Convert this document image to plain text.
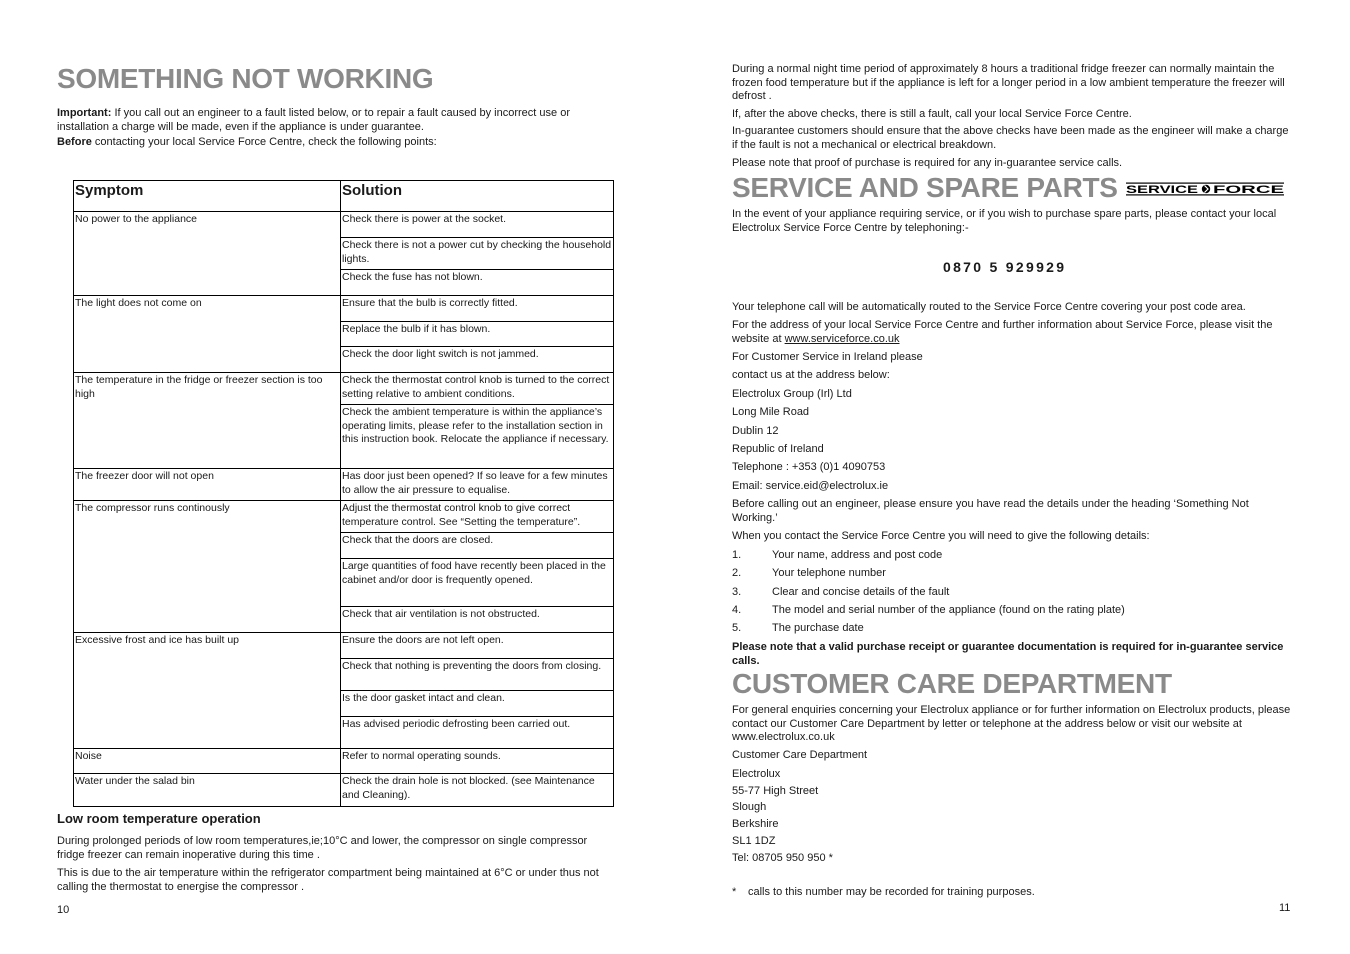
SOMETHING NOT WORKING

Important: If you call out an engineer to a fault listed below, or to repair a fault caused by incorrect use or installation a charge will be made, even if the appliance is under guarantee.

Before contacting your local Service Force Centre, check the following points:

Symptom	Solution
No power to the appliance	Check there is power at the socket.
	Check there is not a power cut by checking the household lights.
	Check the fuse has not blown.
The light does not come on	Ensure that the bulb is correctly fitted.
	Replace the bulb if it has blown.
	Check the door light switch is not jammed.
The temperature in the fridge or freezer section is too high	Check the thermostat control knob is turned to the correct setting relative to ambient conditions.
	Check the ambient temperature is within the appliance’s operating limits, please refer to the installation section in this instruction book. Relocate the appliance if necessary.
The freezer door will not open	Has door just been opened? If so leave for a few minutes to allow the air pressure to equalise.
The compressor runs continously	Adjust the thermostat control knob to give correct temperature control. See “Setting the temperature”.
	Check that the doors are closed.
	Large quantities of food have recently been placed in the cabinet and/or door is frequently opened.
	Check that air ventilation is not obstructed.
Excessive frost and ice has built up	Ensure the doors are not left open.
	Check that nothing is preventing the doors from closing.
	Is the door gasket intact and clean.
	Has advised periodic defrosting been carried out.
Noise	Refer to normal operating sounds.
Water under the salad bin	Check the drain hole is not blocked. (see Maintenance and Cleaning).
Low room temperature operation

During prolonged periods of low room temperatures,ie;10°C and lower, the compressor on single compressor fridge freezer can remain inoperative during this time .

This is due to the air temperature within the refrigerator compartment being maintained at 6°C or under thus not calling the thermostat to energise the compressor .

10

During a normal night time period of approximately 8 hours a traditional fridge freezer can normally maintain the frozen food temperature but if the appliance is left for a longer period in a low ambient temperature the freezer will defrost .

If, after the above checks, there is still a fault, call your local Service Force Centre.

In-guarantee customers should ensure that the above checks have been made as the engineer will make a charge if the fault is not a mechanical or electrical breakdown.

Please note that proof of purchase is required for any in-guarantee service calls.

SERVICE AND SPARE PARTS SERVICE FORCE

In the event of your appliance requiring service, or if you wish to purchase spare parts, please contact your local Electrolux Service Force Centre by telephoning:-

0870 5 929929

Your telephone call will be automatically routed to the Service Force Centre covering your post code area.

For the address of your local Service Force Centre and further information about Service Force, please visit the website at www.serviceforce.co.uk

For Customer Service in Ireland please
contact us at the address below:
Electrolux Group (Irl) Ltd
Long Mile Road
Dublin 12
Republic of Ireland
Telephone : +353 (0)1 4090753
Email: service.eid@electrolux.ie

Before calling out an engineer, please ensure you have read the details under the heading ‘Something Not Working.’

When you contact the Service Force Centre you will need to give the following details:

1.	Your name, address and post code
2.	Your telephone number
3.	Clear and concise details of the fault
4.	The model and serial number of the appliance (found on the rating plate)
5.	The purchase date

Please note that a valid purchase receipt or guarantee documentation is required for in-guarantee service calls.

CUSTOMER CARE DEPARTMENT

For general enquiries concerning your Electrolux appliance or for further information on Electrolux products, please contact our Customer Care Department by letter or telephone at the address below or visit our website at www.electrolux.co.uk

Customer Care Department
Electrolux
55-77 High Street
Slough
Berkshire
SL1 1DZ
Tel: 08705 950 950 *
* calls to this number may be recorded for training purposes.
11
